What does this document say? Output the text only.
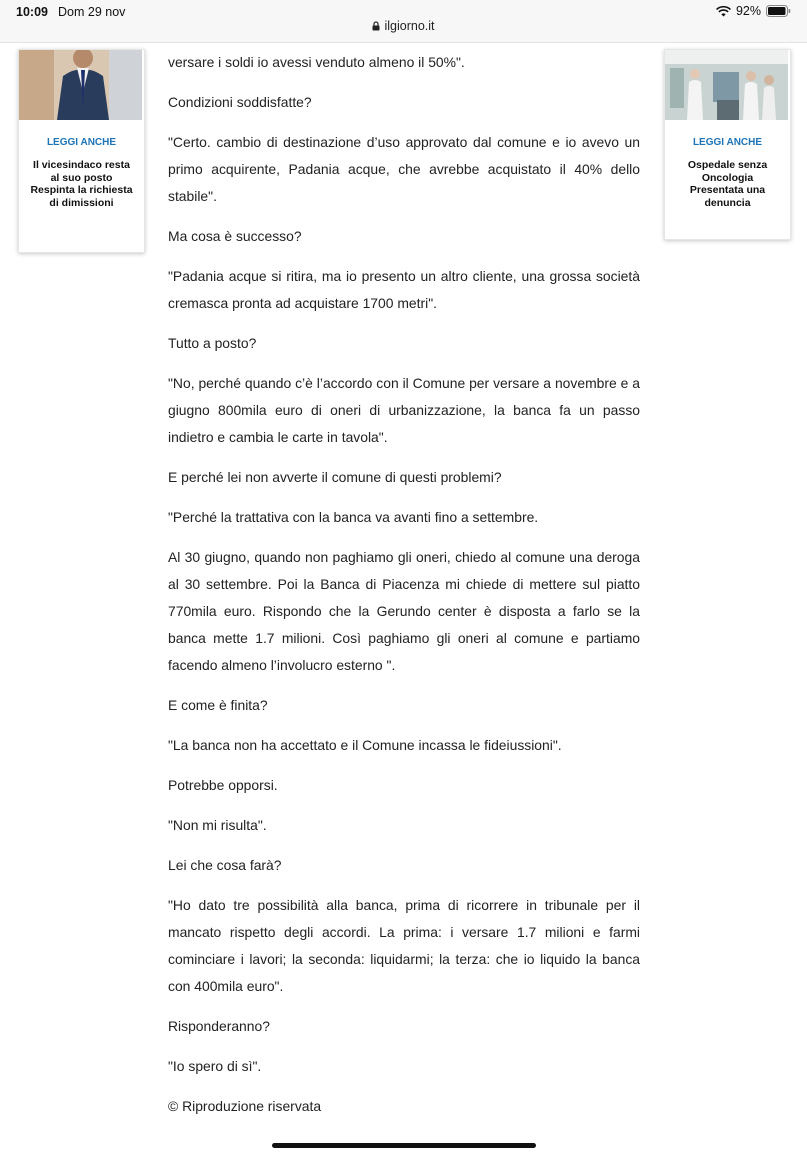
10:09 Dom 29 nov	92%
ilgiorno.it
LEGGI ANCHE
Il vicesindaco resta al suo posto Respinta la richiesta di dimissioni
LEGGI ANCHE
Ospedale senza Oncologia Presentata una denuncia

versare i soldi io avessi venduto almeno il 50%".

Condizioni soddisfatte?

"Certo. cambio di destinazione d’uso approvato dal comune e io avevo un primo acquirente, Padania acque, che avrebbe acquistato il 40% dello stabile".

Ma cosa è successo?

"Padania acque si ritira, ma io presento un altro cliente, una grossa società cremasca pronta ad acquistare 1700 metri".

Tutto a posto?

"No, perché quando c’è l’accordo con il Comune per versare a novembre e a giugno 800mila euro di oneri di urbanizzazione, la banca fa un passo indietro e cambia le carte in tavola".

E perché lei non avverte il comune di questi problemi?

"Perché la trattativa con la banca va avanti fino a settembre.

Al 30 giugno, quando non paghiamo gli oneri, chiedo al comune una deroga al 30 settembre. Poi la Banca di Piacenza mi chiede di mettere sul piatto 770mila euro. Rispondo che la Gerundo center è disposta a farlo se la banca mette 1.7 milioni. Così paghiamo gli oneri al comune e partiamo facendo almeno l’involucro esterno ".

E come è finita?

"La banca non ha accettato e il Comune incassa le fideiussioni".

Potrebbe opporsi.

"Non mi risulta".

Lei che cosa farà?

"Ho dato tre possibilità alla banca, prima di ricorrere in tribunale per il mancato rispetto degli accordi. La prima: i versare 1.7 milioni e farmi cominciare i lavori; la seconda: liquidarmi; la terza: che io liquido la banca con 400mila euro".

Risponderanno?

"Io spero di sì".

© Riproduzione riservata
